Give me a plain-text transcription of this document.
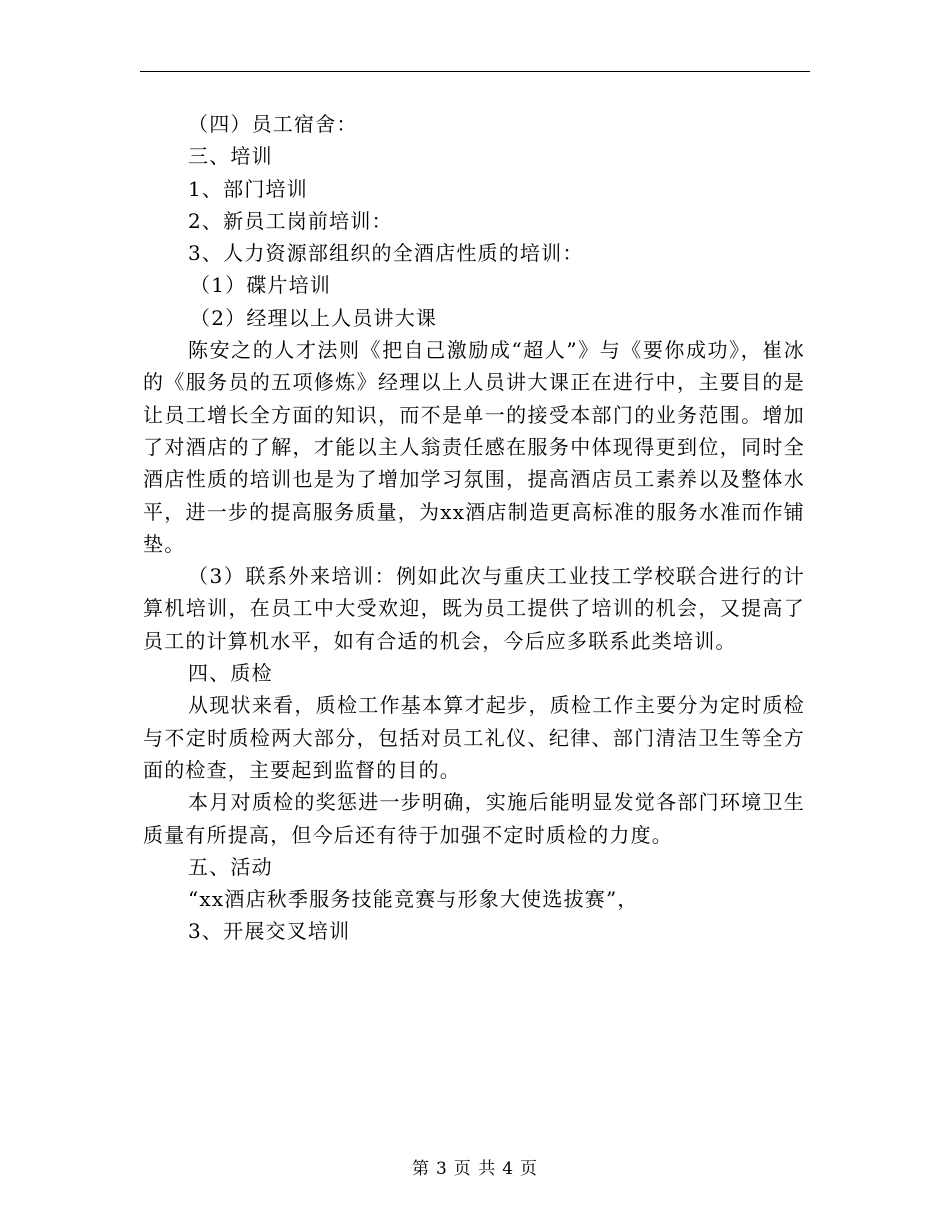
（四）员工宿舍：
三、培训
1、部门培训
2、新员工岗前培训：
3、人力资源部组织的全酒店性质的培训：
（1）碟片培训
（2）经理以上人员讲大课
陈安之的人才法则《把自己激励成“超人”》与《要你成功》，崔冰的《服务员的五项修炼》经理以上人员讲大课正在进行中，主要目的是让员工增长全方面的知识，而不是单一的接受本部门的业务范围。增加了对酒店的了解，才能以主人翁责任感在服务中体现得更到位，同时全酒店性质的培训也是为了增加学习氛围，提高酒店员工素养以及整体水平，进一步的提高服务质量，为xx酒店制造更高标准的服务水准而作铺垫。
（3）联系外来培训：例如此次与重庆工业技工学校联合进行的计算机培训，在员工中大受欢迎，既为员工提供了培训的机会，又提高了员工的计算机水平，如有合适的机会，今后应多联系此类培训。
四、质检
从现状来看，质检工作基本算才起步，质检工作主要分为定时质检与不定时质检两大部分，包括对员工礼仪、纪律、部门清洁卫生等全方面的检查，主要起到监督的目的。
本月对质检的奖惩进一步明确，实施后能明显发觉各部门环境卫生质量有所提高，但今后还有待于加强不定时质检的力度。
五、活动
“xx酒店秋季服务技能竞赛与形象大使选拔赛”，
3、开展交叉培训
第 3 页 共 4 页
